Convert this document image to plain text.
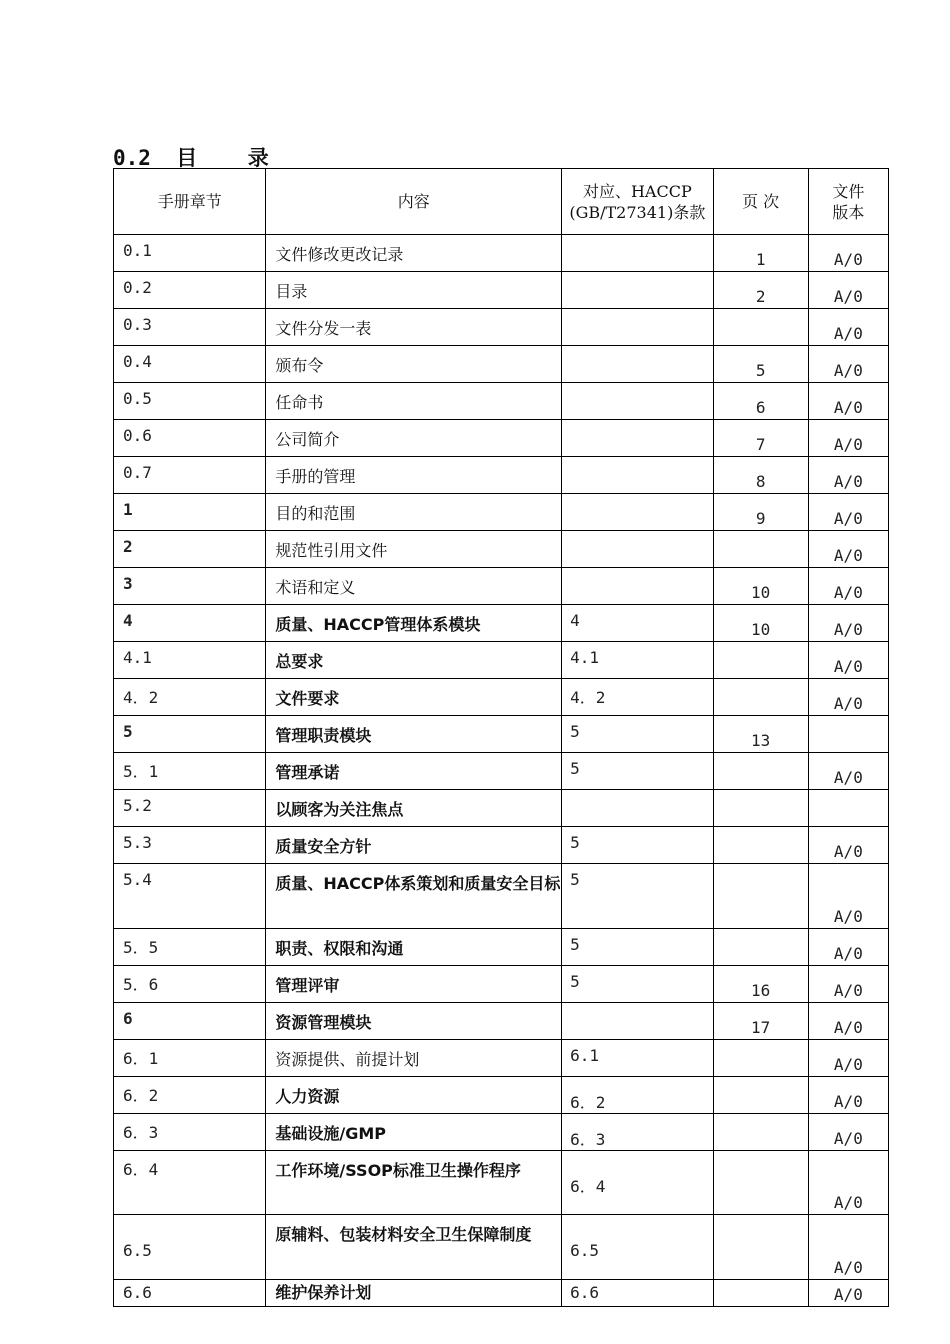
0.2  目    录
手册章节	内容	对应、HACCP (GB/T27341)条款	页 次	文件版本
0.1	文件修改更改记录		1	A/0
0.2	目录		2	A/0
0.3	文件分发一表			A/0
0.4	颁布令		5	A/0
0.5	任命书		6	A/0
0.6	公司简介		7	A/0
0.7	手册的管理		8	A/0
1	目的和范围		9	A/0
2	规范性引用文件			A/0
3	术语和定义		10	A/0
4	质量、HACCP管理体系模块	4	10	A/0
4.1	总要求	4.1		A/0
4．2	文件要求	4．2		A/0
5	管理职责模块	5	13	
5．1	管理承诺	5		A/0
5.2	以顾客为关注焦点			
5.3	质量安全方针	5		A/0
5.4	质量、HACCP体系策划和质量安全目标	5		A/0
5．5	职责、权限和沟通	5		A/0
5．6	管理评审	5	16	A/0
6	资源管理模块		17	A/0
6．1	资源提供、前提计划	6.1		A/0
6．2	人力资源	6．2		A/0
6．3	基础设施/GMP	6．3		A/0
6．4	工作环境/SSOP标准卫生操作程序	6．4		A/0
6.5	原辅料、包装材料安全卫生保障制度	6.5		A/0
6.6	维护保养计划	6.6		A/0
